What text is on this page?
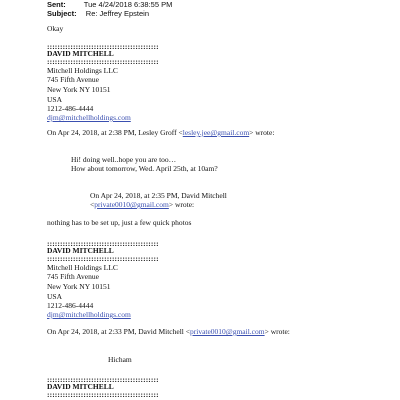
Sent: Tue 4/24/2018 6:38:55 PM
Subject: Re: Jeffrey Epstein
Okay
:::::::::::::::::::::::::::::::::::::::::::
DAVID MITCHELL
:::::::::::::::::::::::::::::::::::::::::::
Mitchell Holdings LLC
745 Fifth Avenue
New York NY 10151
USA
1212-486-4444
djm@mitchellholdings.com
On Apr 24, 2018, at 2:38 PM, Lesley Groff <lesley.jee@gmail.com> wrote:
Hi! doing well..hope you are too…
How about tomorrow, Wed. April 25th, at 10am?
On Apr 24, 2018, at 2:35 PM, David Mitchell
<private0010@gmail.com> wrote:
nothing has to be set up, just a few quick photos
:::::::::::::::::::::::::::::::::::::::::::
DAVID MITCHELL
:::::::::::::::::::::::::::::::::::::::::::
Mitchell Holdings LLC
745 Fifth Avenue
New York NY 10151
USA
1212-486-4444
djm@mitchellholdings.com
On Apr 24, 2018, at 2:33 PM, David Mitchell <private0010@gmail.com> wrote:
Hicham
:::::::::::::::::::::::::::::::::::::::::::
DAVID MITCHELL
:::::::::::::::::::::::::::::::::::::::::::
